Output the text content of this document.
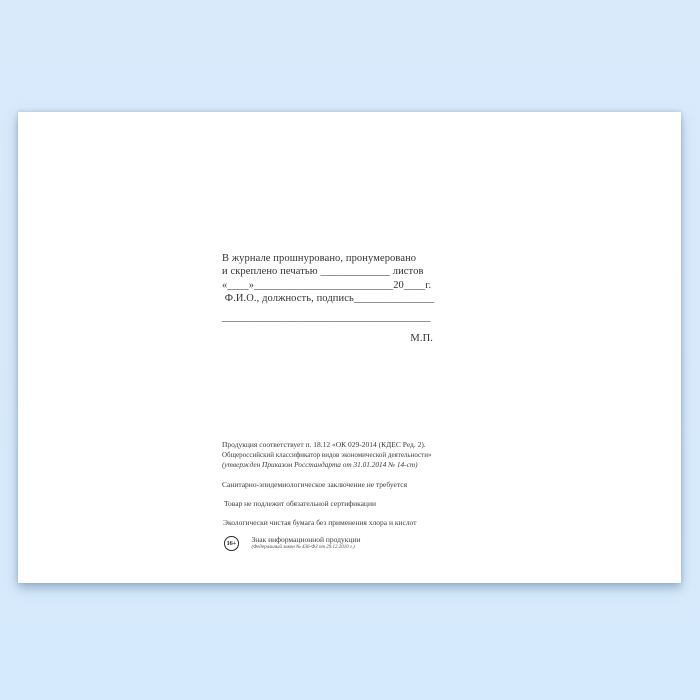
В журнале прошнуровано, пронумеровано
и скреплено печатью _____________ листов
«____»__________________________20____г.
Ф.И.О., должность, подпись_______________
_______________________________________
М.П.
Продукция соответствует п. 18.12 «ОК 029-2014 (КДЕС Ред. 2).
Общероссийский классификатор видов экономической деятельности»
(утвержден Приказом Росстандарта от 31.01.2014 № 14-ст)
Санитарно-эпидемиологическое заключение не требуется
Товар не подлежит обязательной сертификации
Экологически чистая бумага без применения хлора и кислот
16+ Знак информационной продукции
(Федеральный закон № 436-ФЗ от 29.12.2010 г.)
